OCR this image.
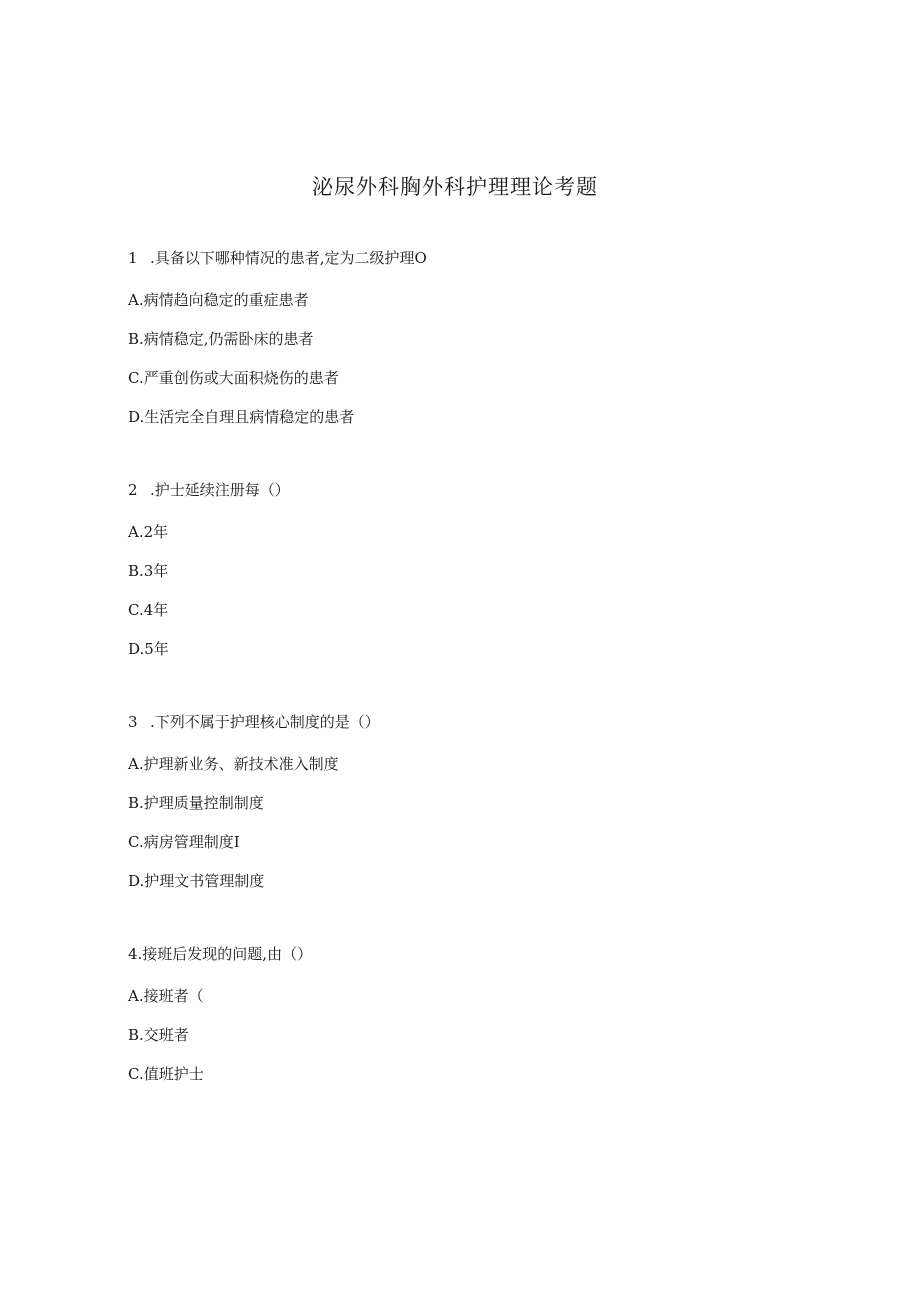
泌尿外科胸外科护理理论考题
1 .具备以下哪种情况的患者,定为二级护理O
A.病情趋向稳定的重症患者
B.病情稳定,仍需卧床的患者
C.严重创伤或大面积烧伤的患者
D.生活完全自理且病情稳定的患者
2 .护士延续注册每（）
A.2年
B.3年
C.4年
D.5年
3 .下列不属于护理核心制度的是（）
A.护理新业务、新技术准入制度
B.护理质量控制制度
C.病房管理制度I
D.护理文书管理制度
4.接班后发现的问题,由（）
A.接班者（
B.交班者
C.值班护士
